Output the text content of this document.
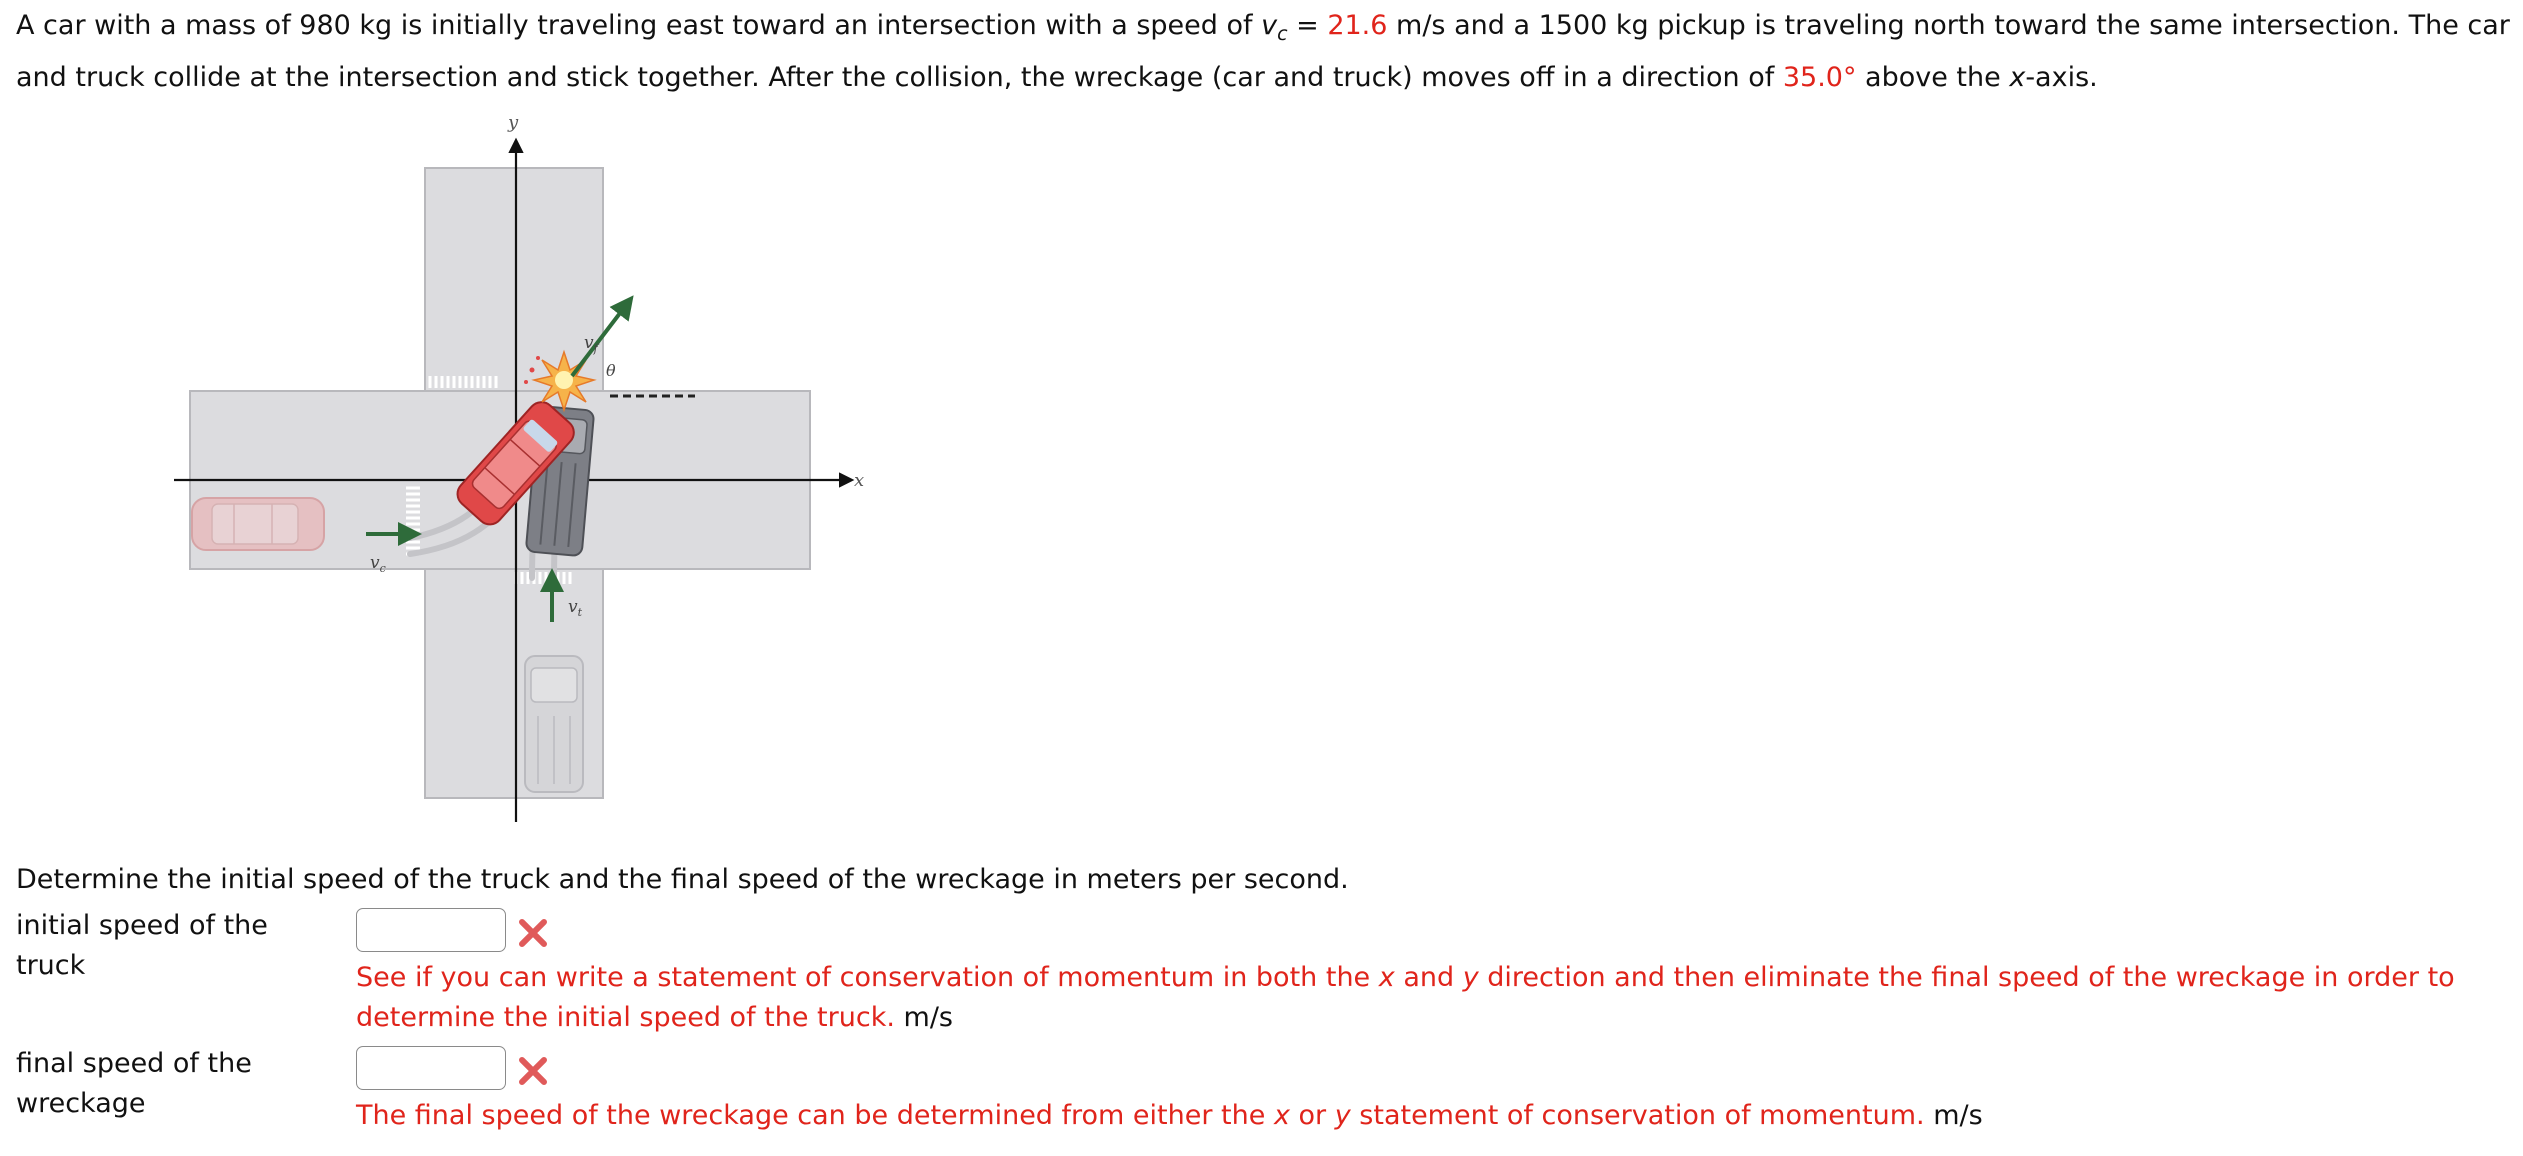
A car with a mass of 980 kg is initially traveling east toward an intersection with a speed of $v_c = 21.6$ m/s and a 1500 kg pickup is traveling north toward the same intersection. The car and truck collide at the intersection and stick together. After the collision, the wreckage (car and truck) moves off in a direction of 35.0° above the x-axis.
y
x
$v_f$
θ
$v_c$
$v_t$
Determine the initial speed of the truck and the final speed of the wreckage in meters per second.
initial speed of the
truck	See if you can write a statement of conservation of momentum in both the x and y direction and then eliminate the final speed of the wreckage in order to determine the initial speed of the truck. m/s
final speed of the
wreckage	The final speed of the wreckage can be determined from either the x or y statement of conservation of momentum. m/s
